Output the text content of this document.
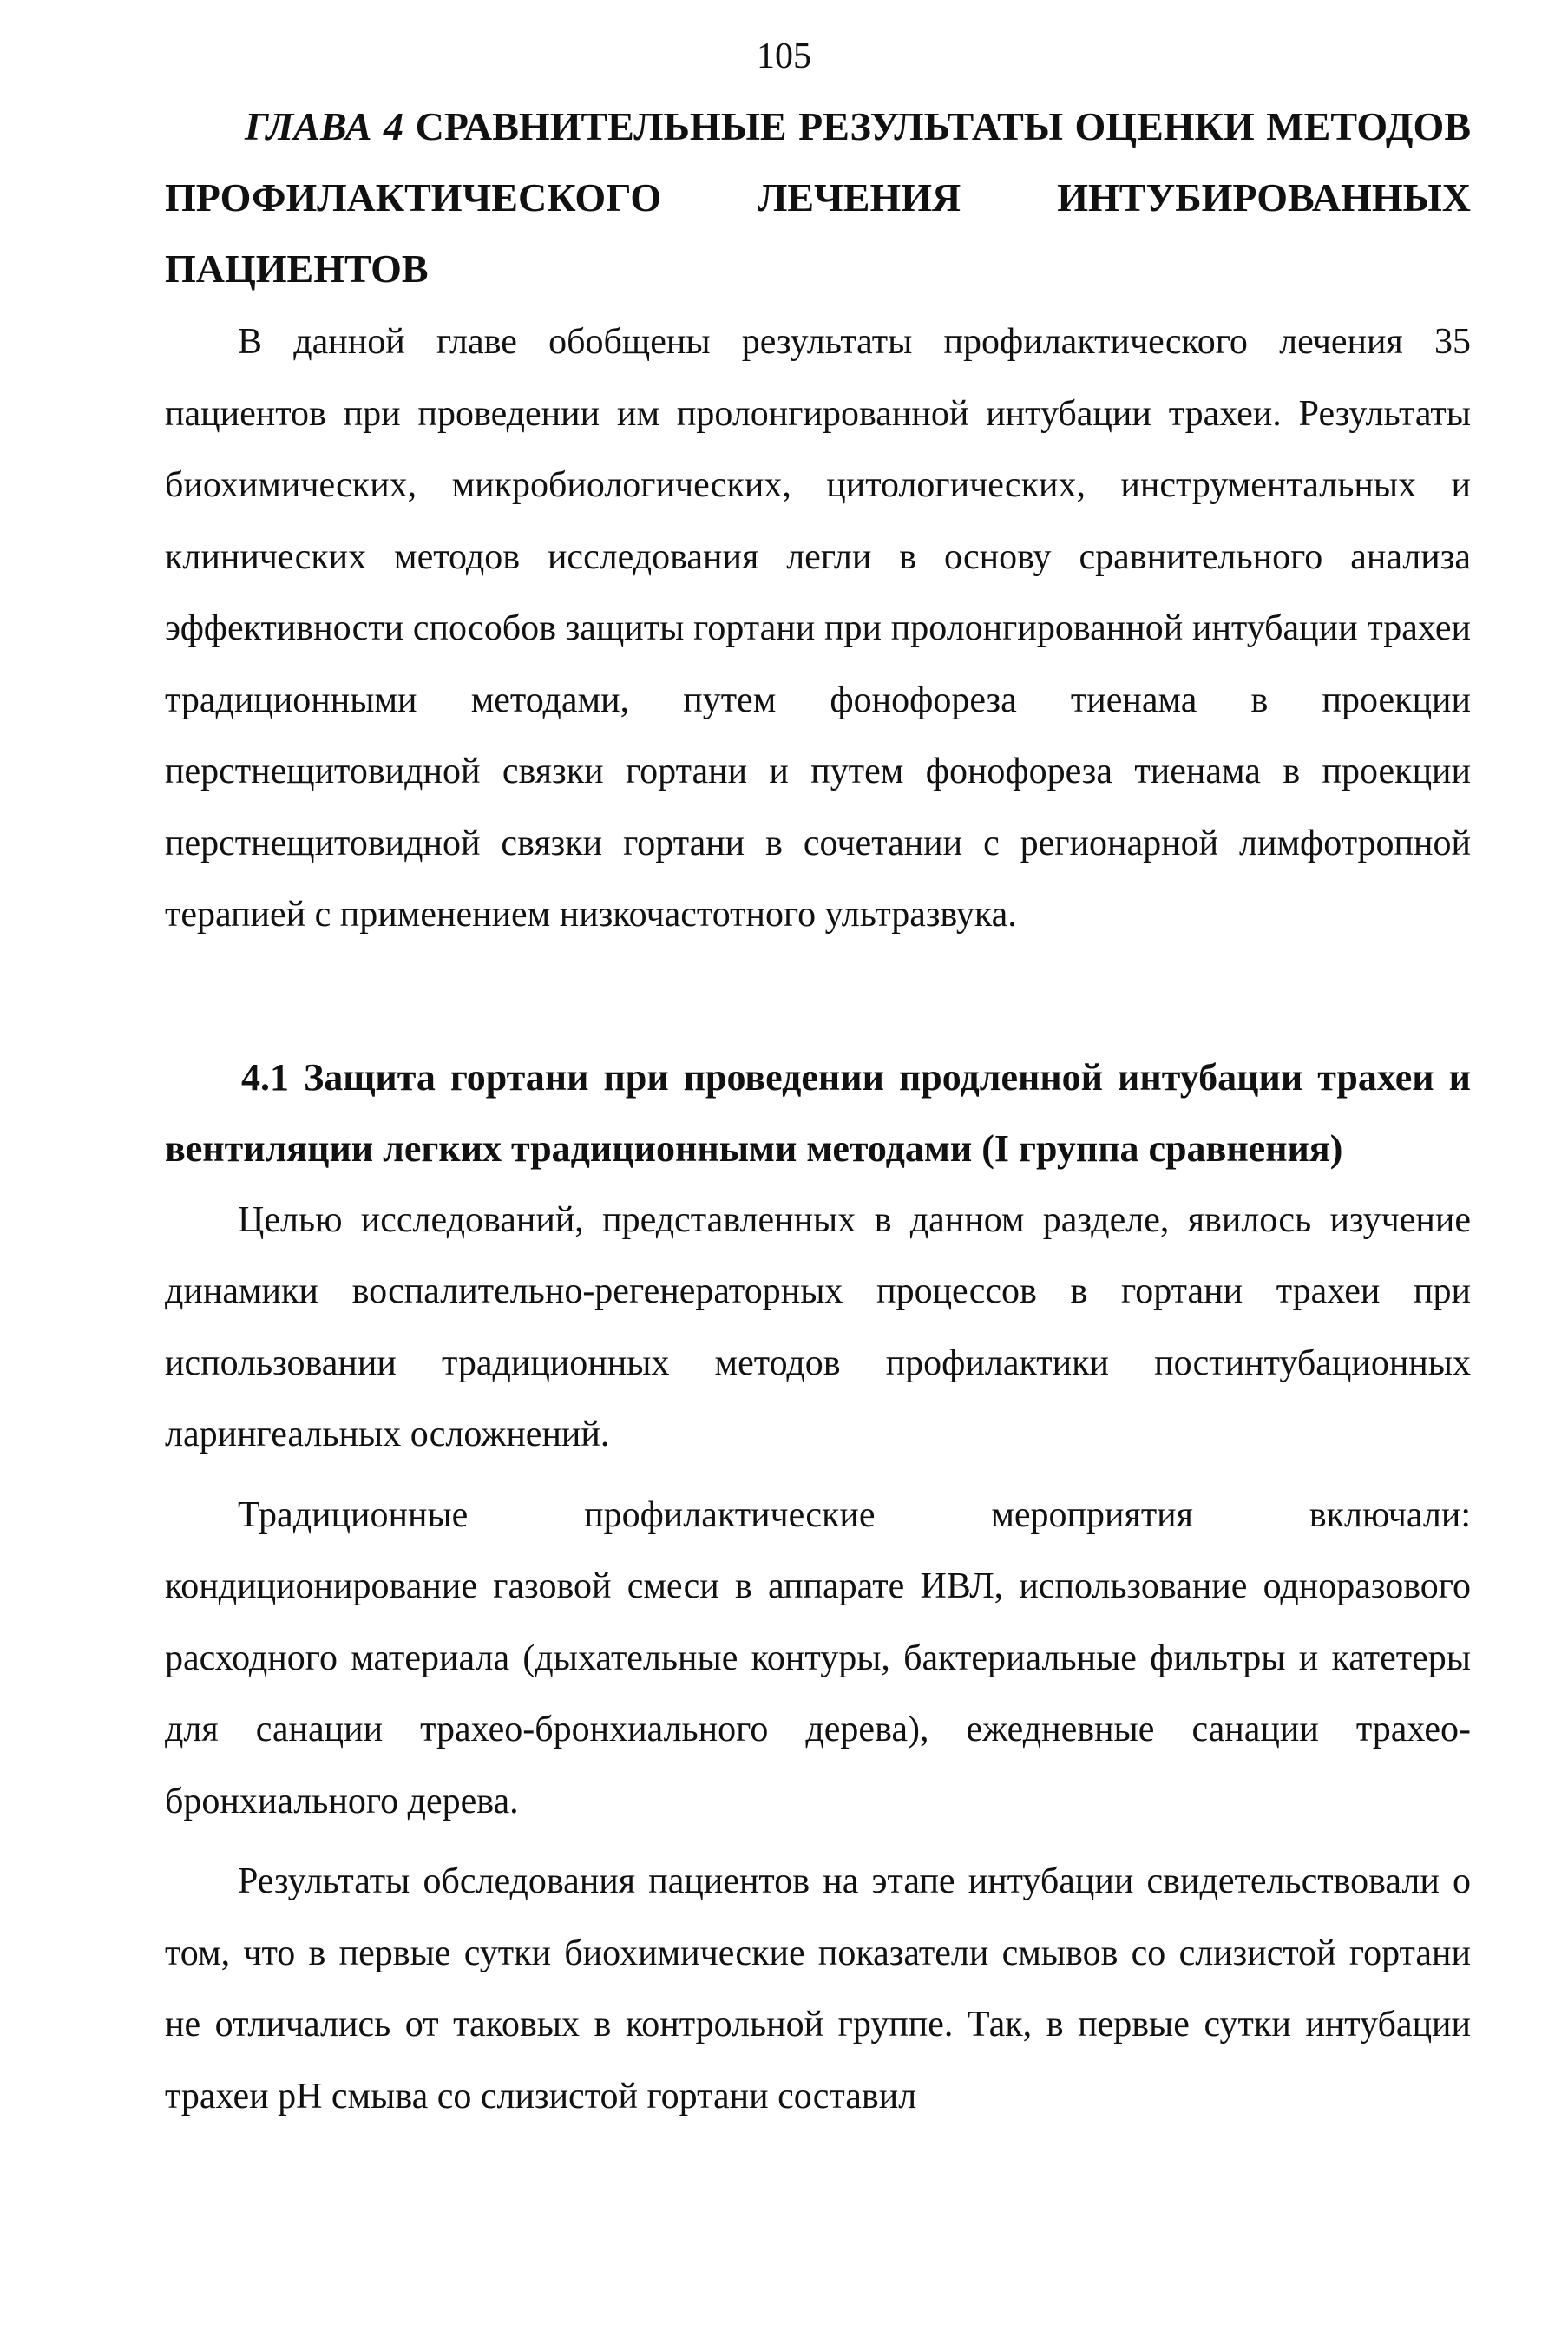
105
ГЛАВА 4 СРАВНИТЕЛЬНЫЕ РЕЗУЛЬТАТЫ ОЦЕНКИ МЕТОДОВ ПРОФИЛАКТИЧЕСКОГО ЛЕЧЕНИЯ ИНТУБИРОВАННЫХ ПАЦИЕНТОВ

В данной главе обобщены результаты профилактического лечения 35 пациентов при проведении им пролонгированной интубации трахеи. Результаты биохимических, микробиологических, цитологических, инструментальных и клинических методов исследования легли в основу сравнительного анализа эффективности способов защиты гортани при пролонгированной интубации трахеи традиционными методами, путем фонофореза тиенама в проекции перстнещитовидной связки гортани и путем фонофореза тиенама в проекции перстнещитовидной связки гортани в сочетании с регионарной лимфотропной терапией с применением низкочастотного ультразвука.

4.1 Защита гортани при проведении продленной интубации трахеи и вентиляции легких традиционными методами (I группа сравнения)

Целью исследований, представленных в данном разделе, явилось изучение динамики воспалительно-регенераторных процессов в гортани трахеи при использовании традиционных методов профилактики постинтубационных ларингеальных осложнений.

Традиционные профилактические мероприятия включали: кондиционирование газовой смеси в аппарате ИВЛ, использование одноразового расходного материала (дыхательные контуры, бактериальные фильтры и катетеры для санации трахео-бронхиального дерева), ежедневные санации трахео-бронхиального дерева.

Результаты обследования пациентов на этапе интубации свидетельствовали о том, что в первые сутки биохимические показатели смывов со слизистой гортани не отличались от таковых в контрольной группе. Так, в первые сутки интубации трахеи pH смыва со слизистой гортани составил
